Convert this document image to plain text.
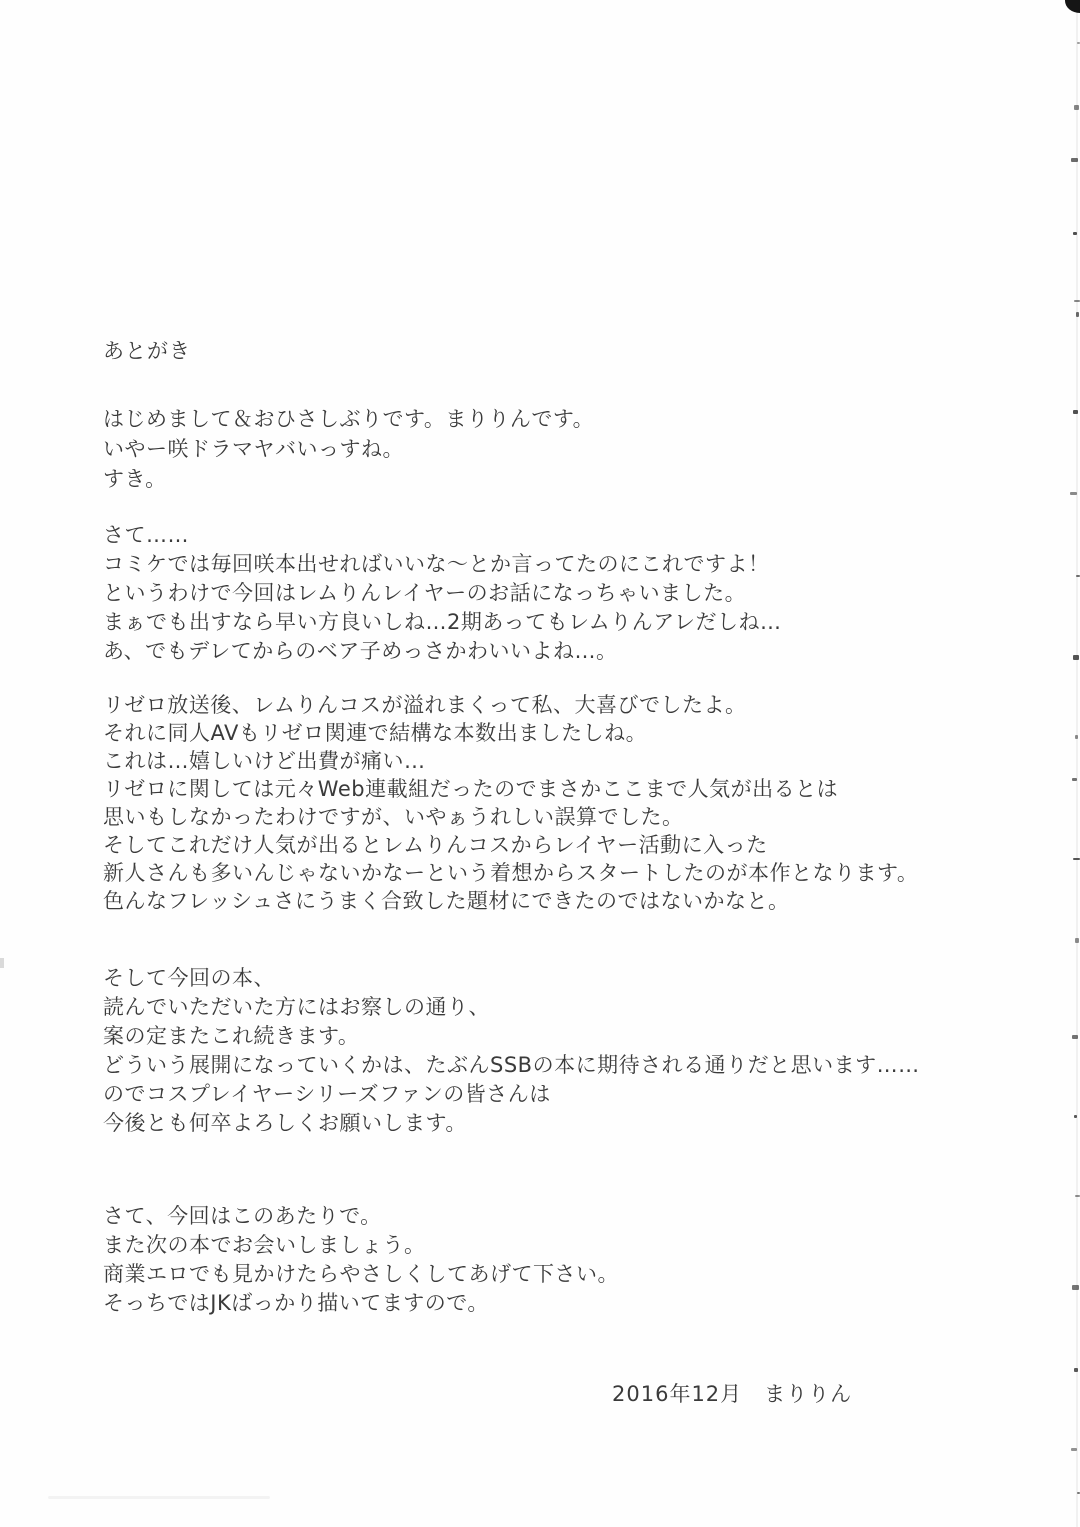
あとがき
はじめまして＆おひさしぶりです。まりりんです。
いやー咲ドラマヤバいっすね。
すき。
さて……
コミケでは毎回咲本出せればいいな～とか言ってたのにこれですよ！
というわけで今回はレムりんレイヤーのお話になっちゃいました。
まぁでも出すなら早い方良いしね…2期あってもレムりんアレだしね…
あ、でもデレてからのベア子めっさかわいいよね…。
リゼロ放送後、レムりんコスが溢れまくって私、大喜びでしたよ。
それに同人AVもリゼロ関連で結構な本数出ましたしね。
これは…嬉しいけど出費が痛い…
リゼロに関しては元々Web連載組だったのでまさかここまで人気が出るとは
思いもしなかったわけですが、いやぁうれしい誤算でした。
そしてこれだけ人気が出るとレムりんコスからレイヤー活動に入った
新人さんも多いんじゃないかなーという着想からスタートしたのが本作となります。
色んなフレッシュさにうまく合致した題材にできたのではないかなと。
そして今回の本、
読んでいただいた方にはお察しの通り、
案の定またこれ続きます。
どういう展開になっていくかは、たぶんSSBの本に期待される通りだと思います……
のでコスプレイヤーシリーズファンの皆さんは
今後とも何卒よろしくお願いします。
さて、今回はこのあたりで。
また次の本でお会いしましょう。
商業エロでも見かけたらやさしくしてあげて下さい。
そっちではJKばっかり描いてますので。
2016年12月　まりりん
